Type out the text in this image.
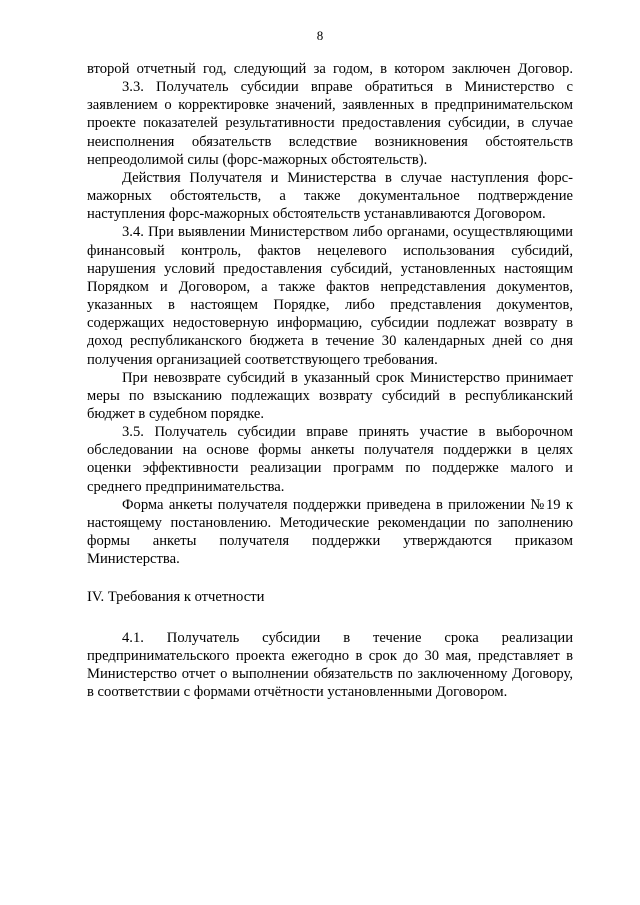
8

второй отчетный год, следующий за годом, в котором заключен Договор.

3.3. Получатель субсидии вправе обратиться в Министерство с заявлением о корректировке значений, заявленных в предпринимательском проекте показателей результативности предоставления субсидии, в случае неисполнения обязательств вследствие возникновения обстоятельств непреодолимой силы (форс-мажорных обстоятельств).

Действия Получателя и Министерства в случае наступления форс-мажорных обстоятельств, а также документальное подтверждение наступления форс-мажорных обстоятельств устанавливаются Договором.

3.4. При выявлении Министерством либо органами, осуществляющими финансовый контроль, фактов нецелевого использования субсидий, нарушения условий предоставления субсидий, установленных настоящим Порядком и Договором, а также фактов непредставления документов, указанных в настоящем Порядке, либо представления документов, содержащих недостоверную информацию, субсидии подлежат возврату в доход республиканского бюджета в течение 30 календарных дней со дня получения организацией соответствующего требования.

При невозврате субсидий в указанный срок Министерство принимает меры по взысканию подлежащих возврату субсидий в республиканский бюджет в судебном порядке.

3.5. Получатель субсидии вправе принять участие в выборочном обследовании на основе формы анкеты получателя поддержки в целях оценки эффективности реализации программ по поддержке малого и среднего предпринимательства.

Форма анкеты получателя поддержки приведена в приложении №19 к настоящему постановлению. Методические рекомендации по заполнению формы анкеты получателя поддержки утверждаются приказом Министерства.

IV. Требования к отчетности

4.1. Получатель субсидии в течение срока реализации предпринимательского проекта ежегодно в срок до 30 мая, представляет в Министерство отчет о выполнении обязательств по заключенному Договору, в соответствии с формами отчётности установленными Договором.
